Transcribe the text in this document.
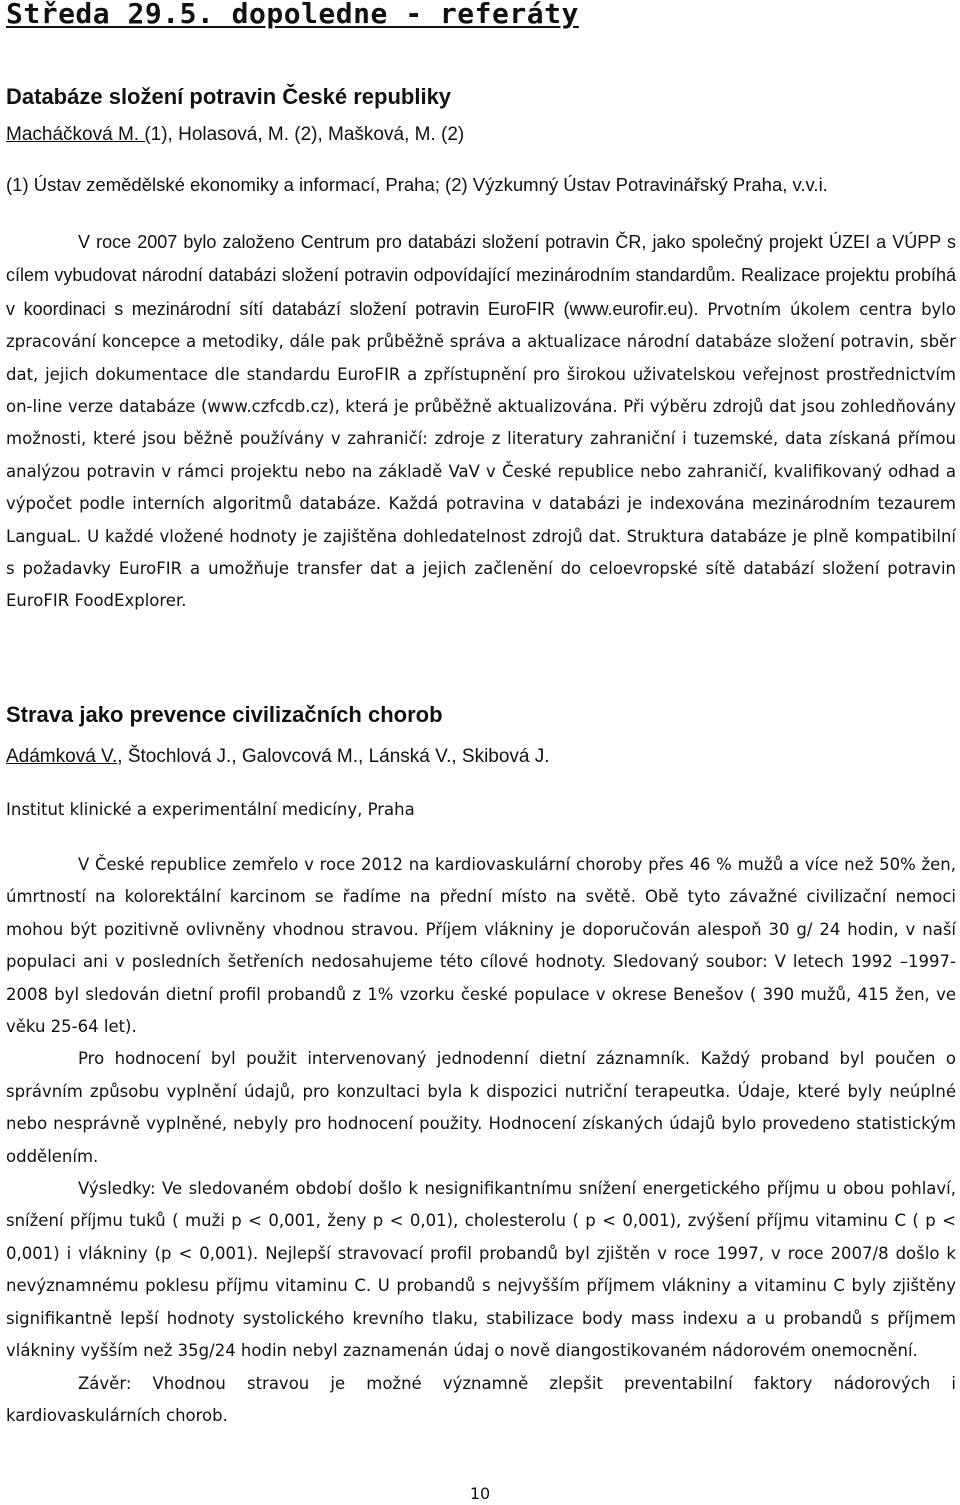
Středa 29.5. dopoledne - referáty
Databáze složení potravin České republiky
Macháčková M. (1), Holasová, M. (2), Mašková, M. (2)
(1) Ústav zemědělské ekonomiky a informací, Praha; (2) Výzkumný Ústav Potravinářský Praha, v.v.i.

V roce 2007 bylo založeno Centrum pro databázi složení potravin ČR, jako společný projekt ÚZEI a VÚPP s cílem vybudovat národní databázi složení potravin odpovídající mezinárodním standardům. Realizace projektu probíhá v koordinaci s mezinárodní sítí databází složení potravin EuroFIR (www.eurofir.eu). Prvotním úkolem centra bylo zpracování koncepce a metodiky, dále pak průběžně správa a aktualizace národní databáze složení potravin, sběr dat, jejich dokumentace dle standardu EuroFIR a zpřístupnění pro širokou uživatelskou veřejnost prostřednictvím on-line verze databáze (www.czfcdb.cz), která je průběžně aktualizována. Při výběru zdrojů dat jsou zohledňovány možnosti, které jsou běžně používány v zahraničí: zdroje z literatury zahraniční i tuzemské, data získaná přímou analýzou potravin v rámci projektu nebo na základě VaV v České republice nebo zahraničí, kvalifikovaný odhad a výpočet podle interních algoritmů databáze. Každá potravina v databázi je indexována mezinárodním tezaurem LanguaL. U každé vložené hodnoty je zajištěna dohledatelnost zdrojů dat. Struktura databáze je plně kompatibilní s požadavky EuroFIR a umožňuje transfer dat a jejich začlenění do celoevropské sítě databází složení potravin EuroFIR FoodExplorer.

Strava jako prevence civilizačních chorob
Adámková V., Štochlová J., Galovcová M., Lánská V., Skibová J.
Institut klinické a experimentální medicíny, Praha

V České republice zemřelo v roce 2012 na kardiovaskulární choroby přes 46 % mužů a více než 50% žen, úmrtností na kolorektální karcinom se řadíme na přední místo na světě. Obě tyto závažné civilizační nemoci mohou být pozitivně ovlivněny vhodnou stravou. Příjem vlákniny je doporučován alespoň 30 g/ 24 hodin, v naší populaci ani v posledních šetřeních nedosahujeme této cílové hodnoty. Sledovaný soubor: V letech 1992 –1997- 2008 byl sledován dietní profil probandů z 1% vzorku české populace v okrese Benešov ( 390 mužů, 415 žen, ve věku 25-64 let).

Pro hodnocení byl použit intervenovaný jednodenní dietní záznamník. Každý proband byl poučen o správním způsobu vyplnění údajů, pro konzultaci byla k dispozici nutriční terapeutka. Údaje, které byly neúplné nebo nesprávně vyplněné, nebyly pro hodnocení použity. Hodnocení získaných údajů bylo provedeno statistickým oddělením.

Výsledky: Ve sledovaném období došlo k nesignifikantnímu snížení energetického příjmu u obou pohlaví, snížení příjmu tuků ( muži p < 0,001, ženy p < 0,01), cholesterolu ( p < 0,001), zvýšení příjmu vitaminu C ( p < 0,001) i vlákniny (p < 0,001). Nejlepší stravovací profil probandů byl zjištěn v roce 1997, v roce 2007/8 došlo k nevýznamnému poklesu příjmu vitaminu C. U probandů s nejvyšším příjmem vlákniny a vitaminu C byly zjištěny signifikantně lepší hodnoty systolického krevního tlaku, stabilizace body mass indexu a u probandů s příjmem vlákniny vyšším než 35g/24 hodin nebyl zaznamenán údaj o nově diangostikovaném nádorovém onemocnění.

Závěr: Vhodnou stravou je možné významně zlepšit preventabilní faktory nádorových i kardiovaskulárních chorob.

10
